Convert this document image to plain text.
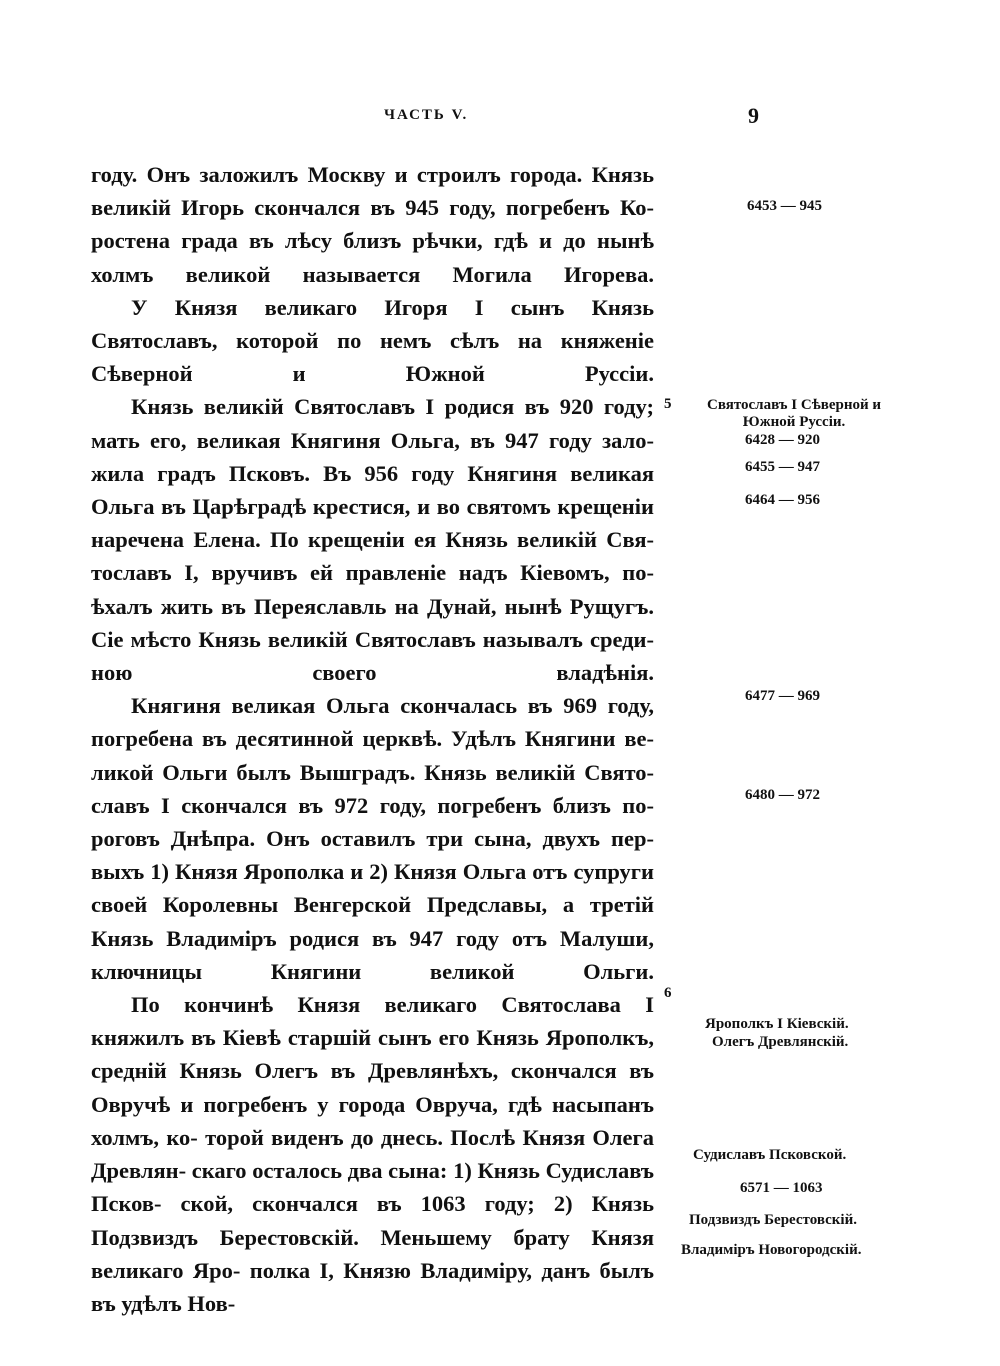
ЧАСТЬ V.	9

году. Онъ заложилъ Москву и строилъ города. Князь великій Игорь скончался въ 945 году, погребенъ Ко- ростена града въ лѣсу близъ рѣчки, гдѣ и до нынѣ холмъ великой называется Могила Игорева.

У Князя великаго Игоря I сынъ Князь Святославъ, которой по немъ сѣлъ на княженіе Сѣверной и Южной	Руссіи.

Князь великій Святославъ I родися въ 920 году; мать его, великая Княгиня Ольга, въ 947 году зало- жила градъ Псковъ. Въ 956 году Княгиня великая Ольга въ Царѣградѣ крестися, и во святомъ крещеніи наречена Елена. По крещеніи ея Князь великій Свя- тославъ I, вручивъ ей правленіе надъ Кіевомъ, по- ѣхалъ жить въ Переяславль на Дунай, нынѣ Рущугъ. Сіе мѣсто Князь великій Святославъ называлъ среди- ною своего владѣнія.

Княгиня великая Ольга скончалась въ 969 году, погребена въ десятинной церквѣ. Удѣлъ Княгини ве- ликой Ольги былъ Вышградъ. Князь великій Свято- славъ I скончался въ 972 году, погребенъ близъ по- роговъ Днѣпра. Онъ оставилъ три сына, двухъ пер- выхъ 1) Князя Ярополка и 2) Князя Ольга отъ супруги своей Королевны Венгерской Предславы, а третій Князь Владиміръ родися въ 947 году отъ Малуши, ключницы Княгини великой Ольги.

По кончинѣ Князя великаго Святослава I княжилъ въ Кіевѣ старшій сынъ его Князь Ярополкъ, средній Князь Олегъ въ Древлянѣхъ, скончался въ Овручѣ и погребенъ у города Овруча, гдѣ насыпанъ холмъ, ко- торой виденъ до днесь. Послѣ Князя Олега Древлян- скаго осталось два сына: 1) Князь Судиславъ Псков- ской, скончался въ 1063 году; 2) Князь Подзвиздъ Берестовскій. Меньшему брату Князя великаго Яро- полка I, Князю Владиміру, данъ былъ въ удѣлъ Нов-

5
6
6453 — 945
Святославъ I Сѣверной и
Южной Руссіи.
6428 — 920
6455 — 947
6464 — 956
6477 — 969
6480 — 972
Ярополкъ I Кіевскій.
Олегъ Древлянскій.
Судиславъ Псковской.
6571 — 1063
Подзвиздъ Берестовскій.
Владиміръ Новогородскій.
